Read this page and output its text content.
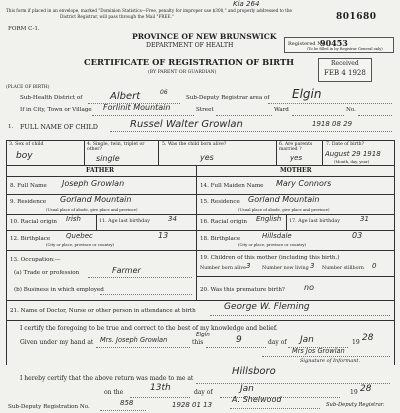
Kia 264
This form if placed in an envelope, marked "Dominion Statistics—Free, penalty for improper use $300," and properly addressed to the
District Registrar, will pass through the Mail "FREE."	801680
FORM C-1.
PROVINCE OF NEW BRUNSWICK
DEPARTMENT OF HEALTH
CERTIFICATE OF REGISTRATION OF BIRTH
(BY PARENT OR GUARDIAN)
Registered No.
90453
(To be filled in by Registrar General only)
Received
FEB 4 1928
(PLACE OF BIRTH)
Sub-Health District of	Albert	06
Sub-Deputy Registrar area of Elgin
If in City, Town or Village Forlinit Mountain	Street	Ward	No.
1. FULL NAME OF CHILD	Russel Walter Growlan	1918 08 29
3. Sex of child
boy
4. Single, twin, triplet or other?
single
5. Was the child born alive?
yes
6. Are parents married ?
yes
7. Date of birth?
August 29 1918
(Month, day, year)
FATHER	MOTHER
8. Full Name Joseph Growlan
9. Residence Gorland Mountain
(Usual place of abode, give place and province)
10. Racial origin Irish	11. Age last birthday	34
12. Birthplace Quebec	13
(City or place, province or country)
13. Occupation:—
(a) Trade or profession	Farmer
(b) Business in which employed
14. Full Maiden Name Mary Connors
15. Residence Gorland Mountain
(Usual place of abode, give place and province)
16. Racial origin English 17. Age last birthday	31
18. Birthplace	Hillsdale	03
(City or place, province or country)
19. Children of this mother (including this birth.)
Number born alive 3 Number now living 3 Number stillborn 0
20. Was this premature birth? no
21. Name of Doctor, Nurse or other person in attendance at birth	George W. Fleming
I certify the foregoing to be true and correct to the best of my knowledge and belief.
Given under my hand at Mrs. Joseph Growlan
Elgin
this	9	day of Jan	19 28
Mrs Jos Growlan
Signature of Informant.
I hereby certify that the above return was made to me at
Hillsboro
on the	13th	day of	Jan	19 28
Sub-Deputy Registration No.	858	1928 01 13
A. Shelwood
Sub-Deputy Registrar.
